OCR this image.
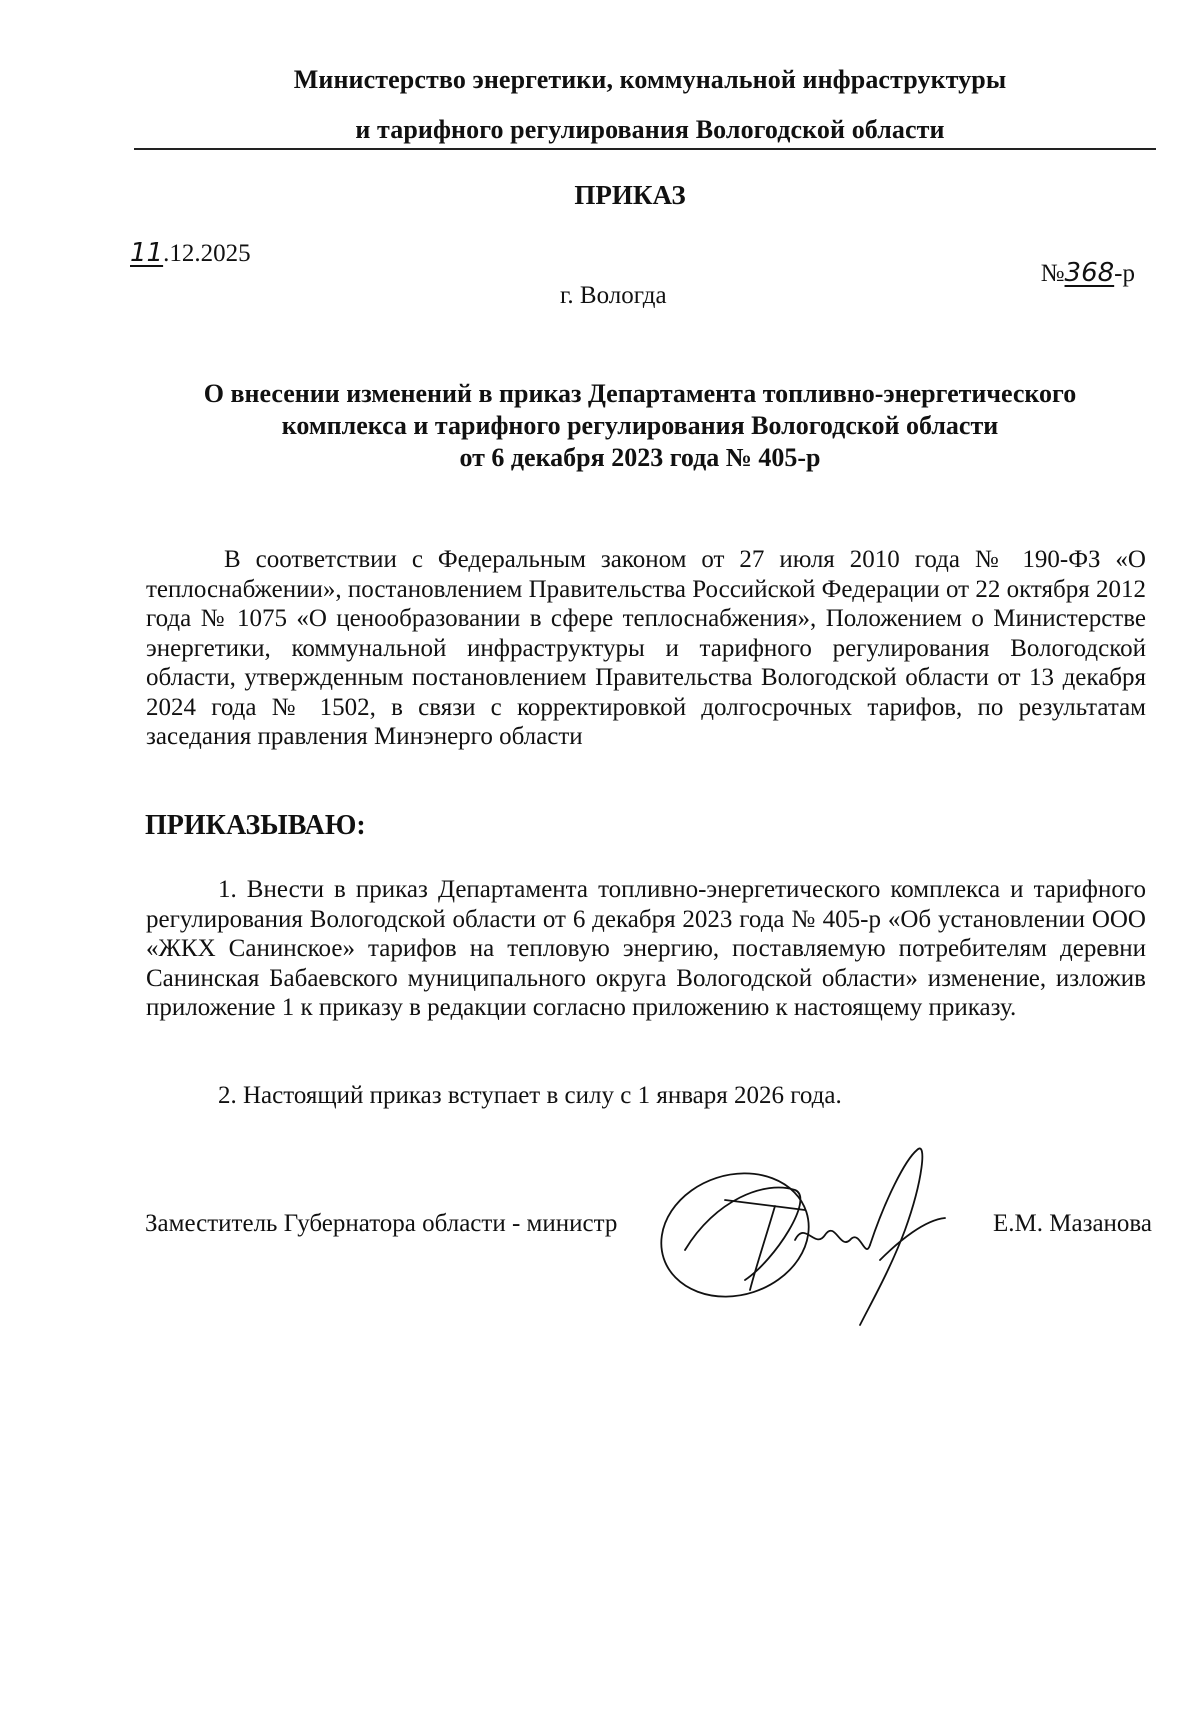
Министерство энергетики, коммунальной инфраструктуры
и тарифного регулирования Вологодской области
ПРИКАЗ
11.12.2025
№368-р
г. Вологда
О внесении изменений в приказ Департамента топливно-энергетического
комплекса и тарифного регулирования Вологодской области
от 6 декабря 2023 года № 405-р
В соответствии с Федеральным законом от 27 июля 2010 года № 190-ФЗ «О теплоснабжении», постановлением Правительства Российской Федерации от 22 октября 2012 года № 1075 «О ценообразовании в сфере теплоснабжения», Положением о Министерстве энергетики, коммунальной инфраструктуры и тарифного регулирования Вологодской области, утвержденным постановлением Правительства Вологодской области от 13 декабря 2024 года № 1502, в связи с корректировкой долгосрочных тарифов, по результатам заседания правления Минэнерго области
ПРИКАЗЫВАЮ:
1. Внести в приказ Департамента топливно-энергетического комплекса и тарифного регулирования Вологодской области от 6 декабря 2023 года № 405-р «Об установлении ООО «ЖКХ Санинское» тарифов на тепловую энергию, поставляемую потребителям деревни Санинская Бабаевского муниципального округа Вологодской области» изменение, изложив приложение 1 к приказу в редакции согласно приложению к настоящему приказу.
2. Настоящий приказ вступает в силу с 1 января 2026 года.
Заместитель Губернатора области - министр	Е.М. Мазанова
